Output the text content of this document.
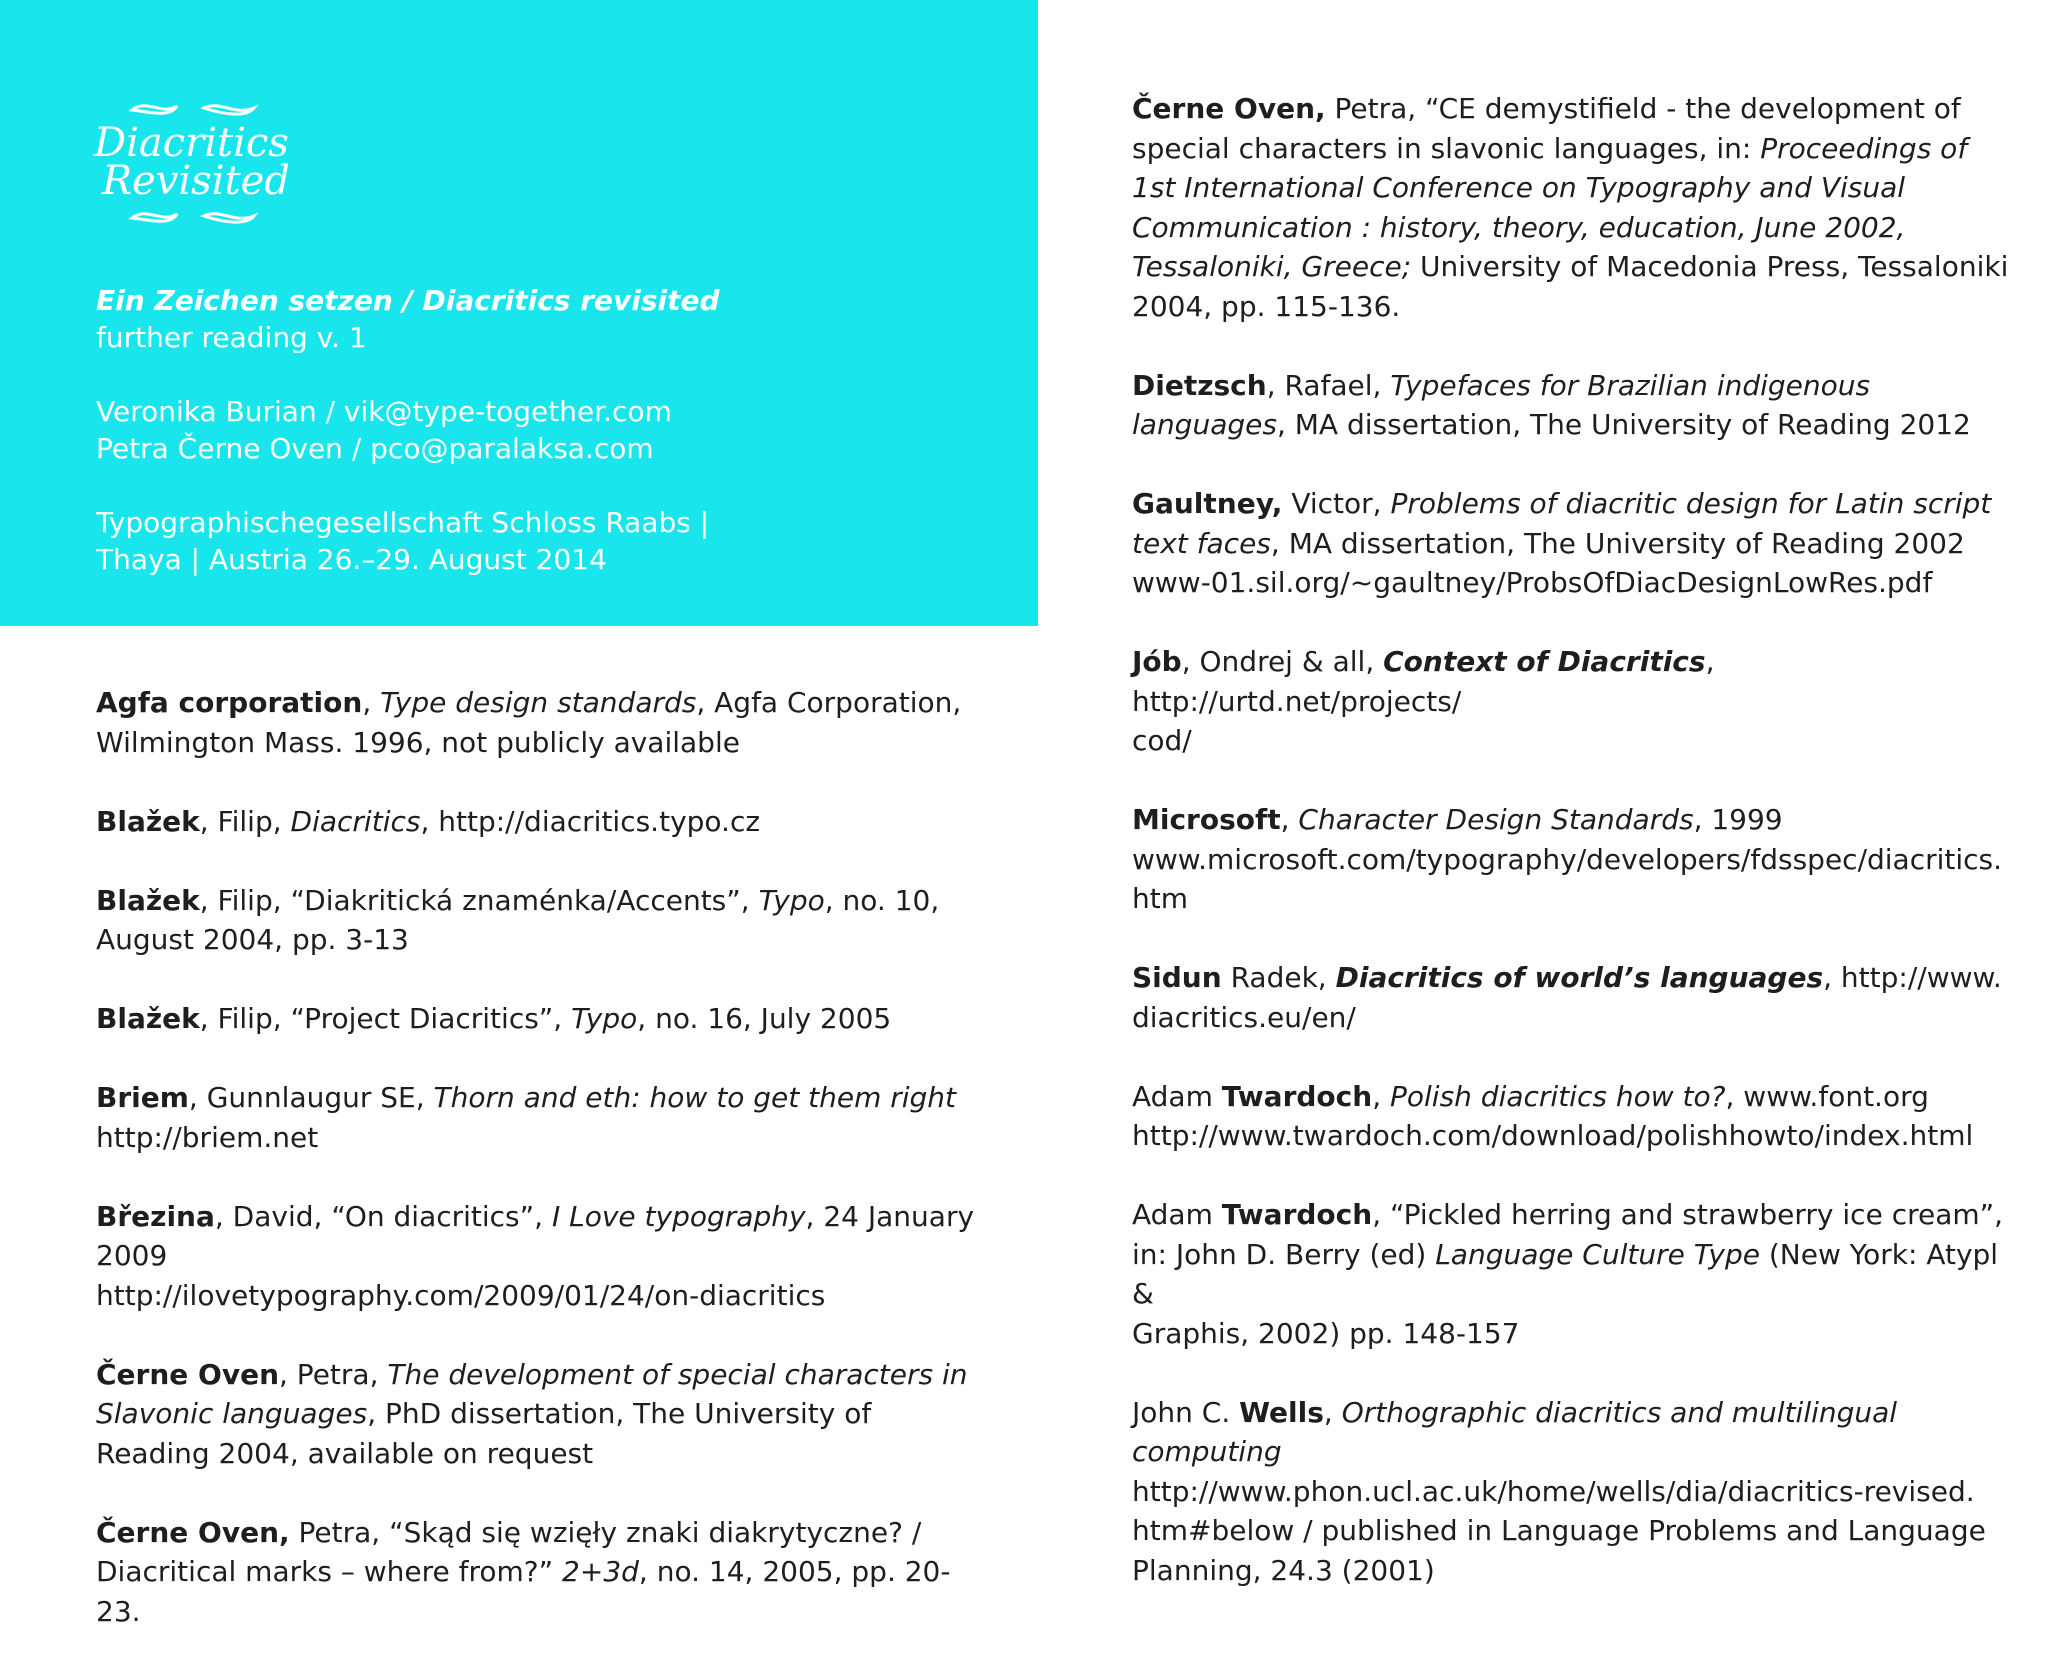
Diacritics
Revisited
Ein Zeichen setzen / Diacritics revisited
further reading v. 1
Veronika Burian / vik@type-together.com
Petra Černe Oven / pco@paralaksa.com
Typographischegesellschaft Schloss Raabs |
Thaya | Austria 26.–29. August 2014
Agfa corporation, Type design standards, Agfa Corporation, Wilmington Mass. 1996, not publicly available
Blažek, Filip, Diacritics, http://diacritics.typo.cz
Blažek, Filip, “Diakritická znaménka/Accents”, Typo, no. 10, August 2004, pp. 3-13
Blažek, Filip, “Project Diacritics”, Typo, no. 16, July 2005
Briem, Gunnlaugur SE, Thorn and eth: how to get them right
http://briem.net
Březina, David, “On diacritics”, I Love typography, 24 January 2009
http://ilovetypography.com/2009/01/24/on-diacritics
Černe Oven, Petra, The development of special characters in Slavonic languages, PhD dissertation, The University of Reading 2004, available on request
Černe Oven, Petra, “Skąd się wzięły znaki diakrytyczne? / Diacritical marks – where from?” 2+3d, no. 14, 2005, pp. 20-23.
Černe Oven, Petra, “CE demystifield - the development of special characters in slavonic languages, in: Proceedings of 1st International Conference on Typography and Visual Communication : history, theory, education, June 2002, Tessaloniki, Greece; University of Macedonia Press, Tessaloniki 2004, pp. 115-136.
Dietzsch, Rafael, Typefaces for Brazilian indigenous languages, MA dissertation, The University of Reading 2012
Gaultney, Victor, Problems of diacritic design for Latin script text faces, MA dissertation, The University of Reading 2002
www-01.sil.org/~gaultney/ProbsOfDiacDesignLowRes.pdf
Jób, Ondrej & all, Context of Diacritics, http://urtd.net/projects/
cod/
Microsoft, Character Design Standards, 1999
www.microsoft.com/typography/developers/fdsspec/diacritics.
htm
Sidun Radek, Diacritics of world’s languages, http://www.
diacritics.eu/en/
Adam Twardoch, Polish diacritics how to?, www.font.org
http://www.twardoch.com/download/polishhowto/index.html
Adam Twardoch, “Pickled herring and strawberry ice cream”,
in: John D. Berry (ed) Language Culture Type (New York: Atypl &
Graphis, 2002) pp. 148-157
John C. Wells, Orthographic diacritics and multilingual computing
http://www.phon.ucl.ac.uk/home/wells/dia/diacritics-revised.
htm#below / published in Language Problems and Language
Planning, 24.3 (2001)
